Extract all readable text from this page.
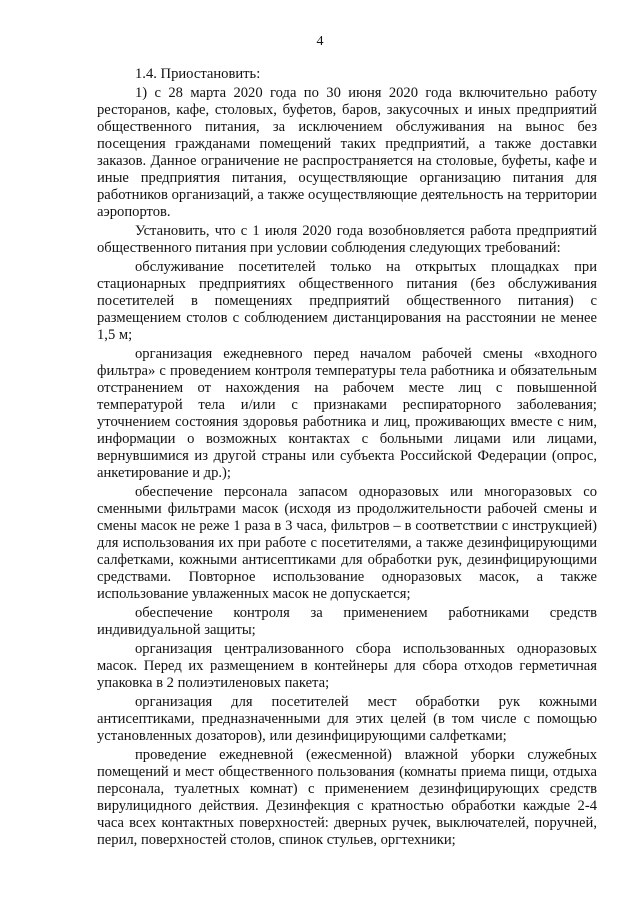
4

1.4. Приостановить:

1) с 28 марта 2020 года по 30 июня 2020 года включительно работу ресторанов, кафе, столовых, буфетов, баров, закусочных и иных предприятий общественного питания, за исключением обслуживания на вынос без посещения гражданами помещений таких предприятий, а также доставки заказов. Данное ограничение не распространяется на столовые, буфеты, кафе и иные предприятия питания, осуществляющие организацию питания для работников организаций, а также осуществляющие деятельность на территории аэропортов.

Установить, что с 1 июля 2020 года возобновляется работа предприятий общественного питания при условии соблюдения следующих требований:

обслуживание посетителей только на открытых площадках при стационарных предприятиях общественного питания (без обслуживания посетителей в помещениях предприятий общественного питания) с размещением столов с соблюдением дистанцирования на расстоянии не менее 1,5 м;

организация ежедневного перед началом рабочей смены «входного фильтра» с проведением контроля температуры тела работника и обязательным отстранением от нахождения на рабочем месте лиц с повышенной температурой тела и/или с признаками респираторного заболевания; уточнением состояния здоровья работника и лиц, проживающих вместе с ним, информации о возможных контактах с больными лицами или лицами, вернувшимися из другой страны или субъекта Российской Федерации (опрос, анкетирование и др.);

обеспечение персонала запасом одноразовых или многоразовых со сменными фильтрами масок (исходя из продолжительности рабочей смены и смены масок не реже 1 раза в 3 часа, фильтров – в соответствии с инструкцией) для использования их при работе с посетителями, а также дезинфицирующими салфетками, кожными антисептиками для обработки рук, дезинфицирующими средствами. Повторное использование одноразовых масок, а также использование увлаженных масок не допускается;

обеспечение контроля за применением работниками средств индивидуальной защиты;

организация централизованного сбора использованных одноразовых масок. Перед их размещением в контейнеры для сбора отходов герметичная упаковка в 2 полиэтиленовых пакета;

организация для посетителей мест обработки рук кожными антисептиками, предназначенными для этих целей (в том числе с помощью установленных дозаторов), или дезинфицирующими салфетками;

проведение ежедневной (ежесменной) влажной уборки служебных помещений и мест общественного пользования (комнаты приема пищи, отдыха персонала, туалетных комнат) с применением дезинфицирующих средств вирулицидного действия. Дезинфекция с кратностью обработки каждые 2-4 часа всех контактных поверхностей: дверных ручек, выключателей, поручней, перил, поверхностей столов, спинок стульев, оргтехники;
